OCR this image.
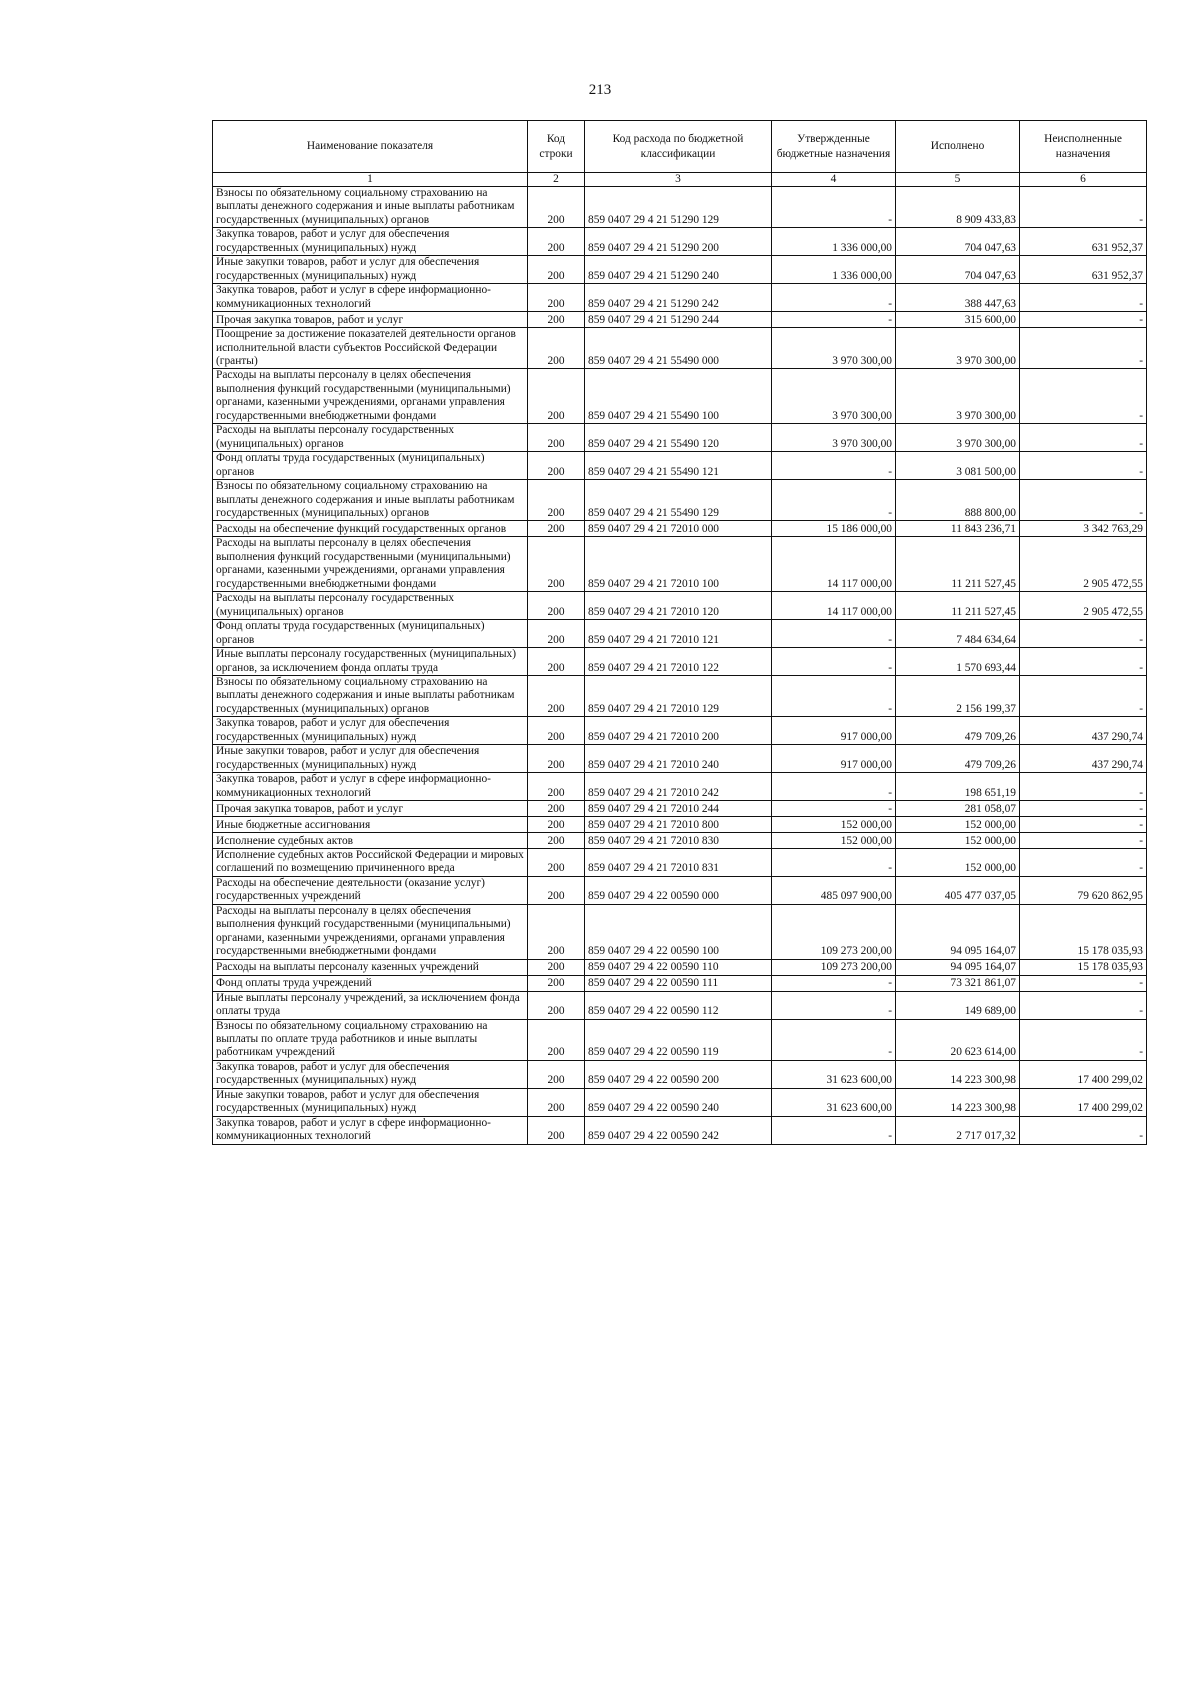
213
Наименование показателя	Код строки	Код расхода по бюджетной классификации	Утвержденные бюджетные назначения	Исполнено	Неисполненные назначения
1	2	3	4	5	6
Взносы по обязательному социальному страхованию на выплаты денежного содержания и иные выплаты работникам государственных (муниципальных) органов	200	859 0407 29 4 21 51290 129	-	8 909 433,83	-
Закупка товаров, работ и услуг для обеспечения государственных (муниципальных) нужд	200	859 0407 29 4 21 51290 200	1 336 000,00	704 047,63	631 952,37
Иные закупки товаров, работ и услуг для обеспечения государственных (муниципальных) нужд	200	859 0407 29 4 21 51290 240	1 336 000,00	704 047,63	631 952,37
Закупка товаров, работ и услуг в сфере информационно-коммуникационных технологий	200	859 0407 29 4 21 51290 242	-	388 447,63	-
Прочая закупка товаров, работ и услуг	200	859 0407 29 4 21 51290 244	-	315 600,00	-
Поощрение за достижение показателей деятельности органов исполнительной власти субъектов Российской Федерации (гранты)	200	859 0407 29 4 21 55490 000	3 970 300,00	3 970 300,00	-
Расходы на выплаты персоналу в целях обеспечения выполнения функций государственными (муниципальными) органами, казенными учреждениями, органами управления государственными внебюджетными фондами	200	859 0407 29 4 21 55490 100	3 970 300,00	3 970 300,00	-
Расходы на выплаты персоналу государственных (муниципальных) органов	200	859 0407 29 4 21 55490 120	3 970 300,00	3 970 300,00	-
Фонд оплаты труда государственных (муниципальных) органов	200	859 0407 29 4 21 55490 121	-	3 081 500,00	-
Взносы по обязательному социальному страхованию на выплаты денежного содержания и иные выплаты работникам государственных (муниципальных) органов	200	859 0407 29 4 21 55490 129	-	888 800,00	-
Расходы на обеспечение функций государственных органов	200	859 0407 29 4 21 72010 000	15 186 000,00	11 843 236,71	3 342 763,29
Расходы на выплаты персоналу в целях обеспечения выполнения функций государственными (муниципальными) органами, казенными учреждениями, органами управления государственными внебюджетными фондами	200	859 0407 29 4 21 72010 100	14 117 000,00	11 211 527,45	2 905 472,55
Расходы на выплаты персоналу государственных (муниципальных) органов	200	859 0407 29 4 21 72010 120	14 117 000,00	11 211 527,45	2 905 472,55
Фонд оплаты труда государственных (муниципальных) органов	200	859 0407 29 4 21 72010 121	-	7 484 634,64	-
Иные выплаты персоналу государственных (муниципальных) органов, за исключением фонда оплаты труда	200	859 0407 29 4 21 72010 122	-	1 570 693,44	-
Взносы по обязательному социальному страхованию на выплаты денежного содержания и иные выплаты работникам государственных (муниципальных) органов	200	859 0407 29 4 21 72010 129	-	2 156 199,37	-
Закупка товаров, работ и услуг для обеспечения государственных (муниципальных) нужд	200	859 0407 29 4 21 72010 200	917 000,00	479 709,26	437 290,74
Иные закупки товаров, работ и услуг для обеспечения государственных (муниципальных) нужд	200	859 0407 29 4 21 72010 240	917 000,00	479 709,26	437 290,74
Закупка товаров, работ и услуг в сфере информационно-коммуникационных технологий	200	859 0407 29 4 21 72010 242	-	198 651,19	-
Прочая закупка товаров, работ и услуг	200	859 0407 29 4 21 72010 244	-	281 058,07	-
Иные бюджетные ассигнования	200	859 0407 29 4 21 72010 800	152 000,00	152 000,00	-
Исполнение судебных актов	200	859 0407 29 4 21 72010 830	152 000,00	152 000,00	-
Исполнение судебных актов Российской Федерации и мировых соглашений по возмещению причиненного вреда	200	859 0407 29 4 21 72010 831	-	152 000,00	-
Расходы на обеспечение деятельности (оказание услуг) государственных учреждений	200	859 0407 29 4 22 00590 000	485 097 900,00	405 477 037,05	79 620 862,95
Расходы на выплаты персоналу в целях обеспечения выполнения функций государственными (муниципальными) органами, казенными учреждениями, органами управления государственными внебюджетными фондами	200	859 0407 29 4 22 00590 100	109 273 200,00	94 095 164,07	15 178 035,93
Расходы на выплаты персоналу казенных учреждений	200	859 0407 29 4 22 00590 110	109 273 200,00	94 095 164,07	15 178 035,93
Фонд оплаты труда учреждений	200	859 0407 29 4 22 00590 111	-	73 321 861,07	-
Иные выплаты персоналу учреждений, за исключением фонда оплаты труда	200	859 0407 29 4 22 00590 112	-	149 689,00	-
Взносы по обязательному социальному страхованию на выплаты по оплате труда работников и иные выплаты работникам учреждений	200	859 0407 29 4 22 00590 119	-	20 623 614,00	-
Закупка товаров, работ и услуг для обеспечения государственных (муниципальных) нужд	200	859 0407 29 4 22 00590 200	31 623 600,00	14 223 300,98	17 400 299,02
Иные закупки товаров, работ и услуг для обеспечения государственных (муниципальных) нужд	200	859 0407 29 4 22 00590 240	31 623 600,00	14 223 300,98	17 400 299,02
Закупка товаров, работ и услуг в сфере информационно-коммуникационных технологий	200	859 0407 29 4 22 00590 242	-	2 717 017,32	-
